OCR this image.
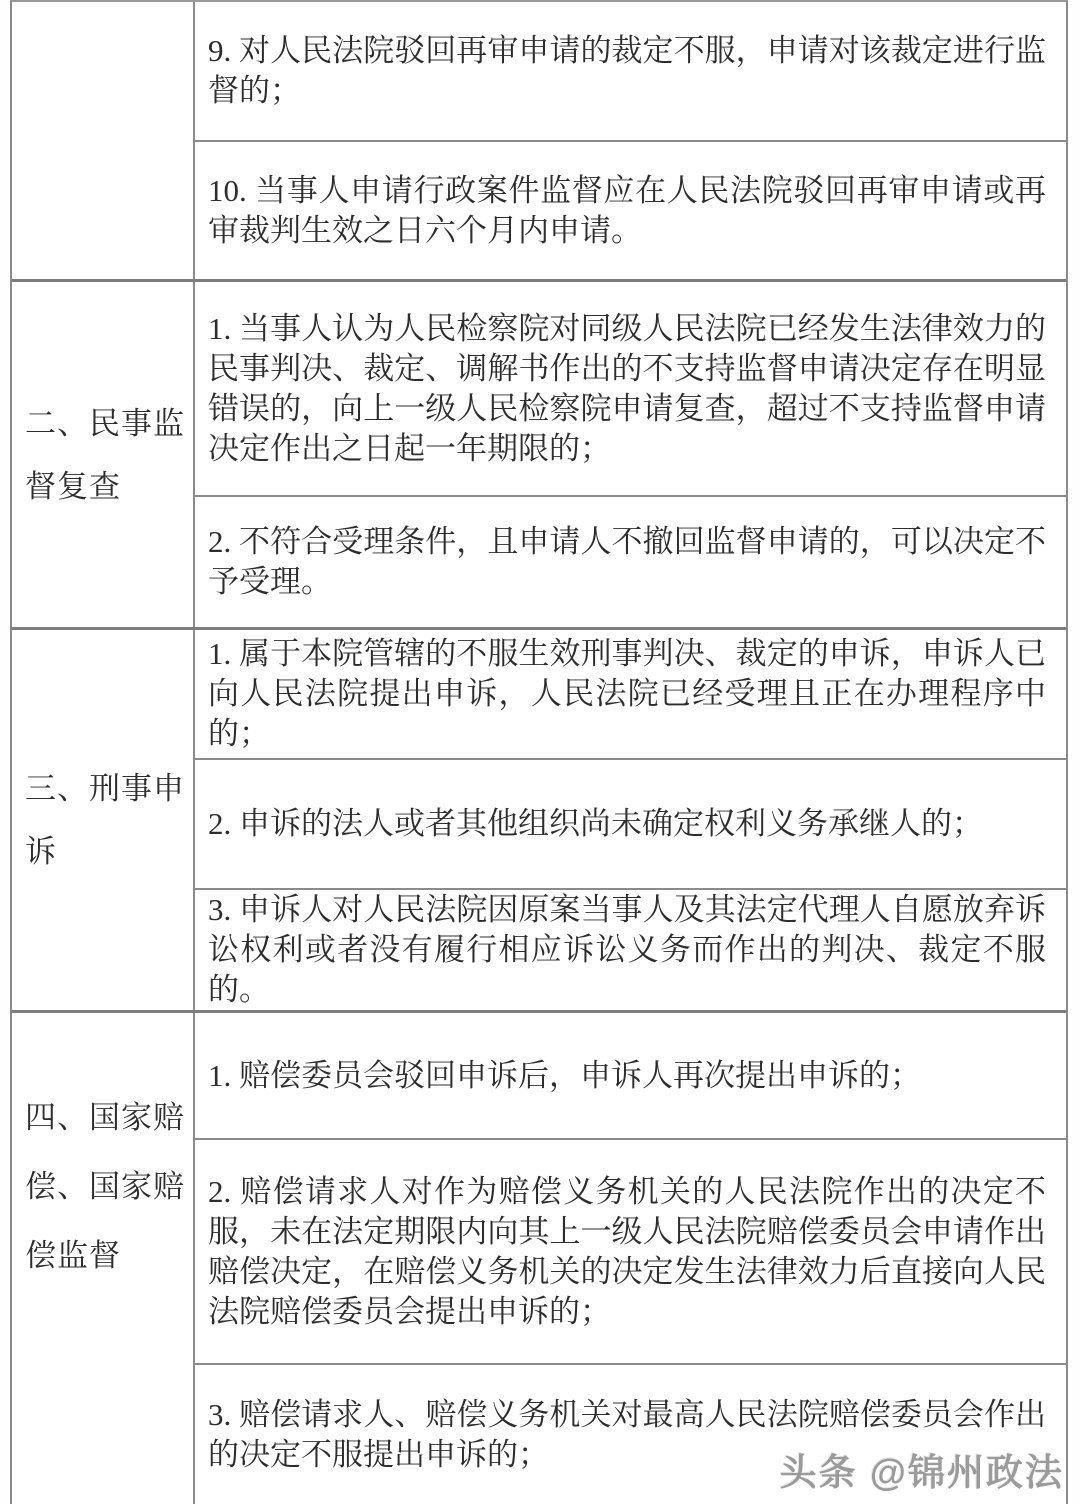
9. 对人民法院驳回再审申请的裁定不服，申请对该裁定进行监督的；

10. 当事人申请行政案件监督应在人民法院驳回再审申请或再审裁判生效之日六个月内申请。

二、民事监督复查

1. 当事人认为人民检察院对同级人民法院已经发生法律效力的民事判决、裁定、调解书作出的不支持监督申请决定存在明显错误的，向上一级人民检察院申请复查，超过不支持监督申请决定作出之日起一年期限的；

2. 不符合受理条件，且申请人不撤回监督申请的，可以决定不予受理。

三、刑事申诉

1. 属于本院管辖的不服生效刑事判决、裁定的申诉，申诉人已向人民法院提出申诉，人民法院已经受理且正在办理程序中的；

2. 申诉的法人或者其他组织尚未确定权利义务承继人的；

3. 申诉人对人民法院因原案当事人及其法定代理人自愿放弃诉讼权利或者没有履行相应诉讼义务而作出的判决、裁定不服的。

四、国家赔偿、国家赔偿监督

1. 赔偿委员会驳回申诉后，申诉人再次提出申诉的；

2. 赔偿请求人对作为赔偿义务机关的人民法院作出的决定不服，未在法定期限内向其上一级人民法院赔偿委员会申请作出赔偿决定，在赔偿义务机关的决定发生法律效力后直接向人民法院赔偿委员会提出申诉的；

3. 赔偿请求人、赔偿义务机关对最高人民法院赔偿委员会作出的决定不服提出申诉的；	头条 @锦州政法
